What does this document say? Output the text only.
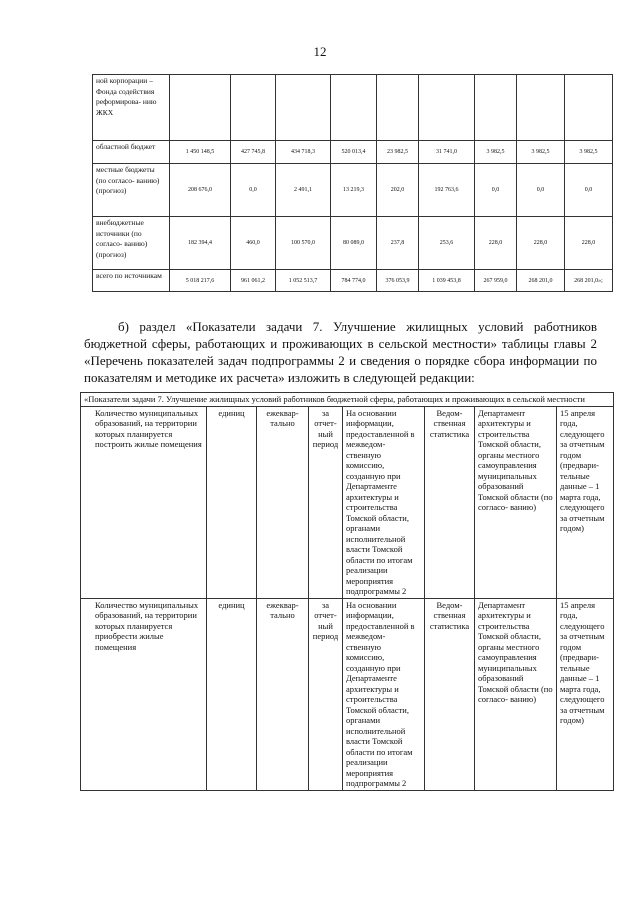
12
	ной корпорации – Фонда содействия реформирова- нию ЖКХ									
	областной бюджет	1 450 148,5	427 745,8	434 718,3	520 013,4	23 982,5	31 741,0	3 982,5	3 982,5	3 982,5
	местные бюджеты (по согласо- ванию) (прогноз)	208 676,0	0,0	2 491,1	13 219,3	202,0	192 763,6	0,0	0,0	0,0
	внебюджетные источники (по согласо- ванию) (прогноз)	182 394,4	460,0	100 570,0	80 089,0	237,8	253,6	228,0	228,0	228,0
	всего по источникам	5 018 217,6	961 061,2	1 052 513,7	784 774,0	376 053,9	1 039 453,8	267 959,0	268 201,0	268 201,0»;

б) раздел «Показатели задачи 7. Улучшение жилищных условий работников бюджетной сферы, работающих и проживающих в сельской местности» таблицы главы 2 «Перечень показателей задач подпрограммы 2 и сведения о порядке сбора информации по показателям и методике их расчета» изложить в следующей редакции:

«Показатели задачи 7. Улучшение жилищных условий работников бюджетной сферы, работающих и проживающих в сельской местности							
Количество муниципальных образований, на территории которых планируется построить жилые помещения	единиц	ежеквар- тально	за отчет- ный период	На основании информации, предоставленной в межведом- ственную комиссию, созданную при Департаменте архитектуры и строительства Томской области, органами исполнительной власти Томской области по итогам реализации мероприятия подпрограммы 2	Ведом- ственная статистика	Департамент архитектуры и строительства Томской области, органы местного самоуправления муниципальных образований Томской области (по согласо- ванию)	15 апреля года, следующего за отчетным годом (предвари- тельные данные – 1 марта года, следующего за отчетным годом)
Количество муниципальных образований, на территории которых планируется приобрести жилые помещения	единиц	ежеквар- тально	за отчет- ный период	На основании информации, предоставленной в межведом- ственную комиссию, созданную при Департаменте архитектуры и строительства Томской области, органами исполнительной власти Томской области по итогам реализации мероприятия подпрограммы 2	Ведом- ственная статистика	Департамент архитектуры и строительства Томской области, органы местного самоуправления муниципальных образований Томской области (по согласо- ванию)	15 апреля года, следующего за отчетным годом (предвари- тельные данные – 1 марта года, следующего за отчетным годом)
